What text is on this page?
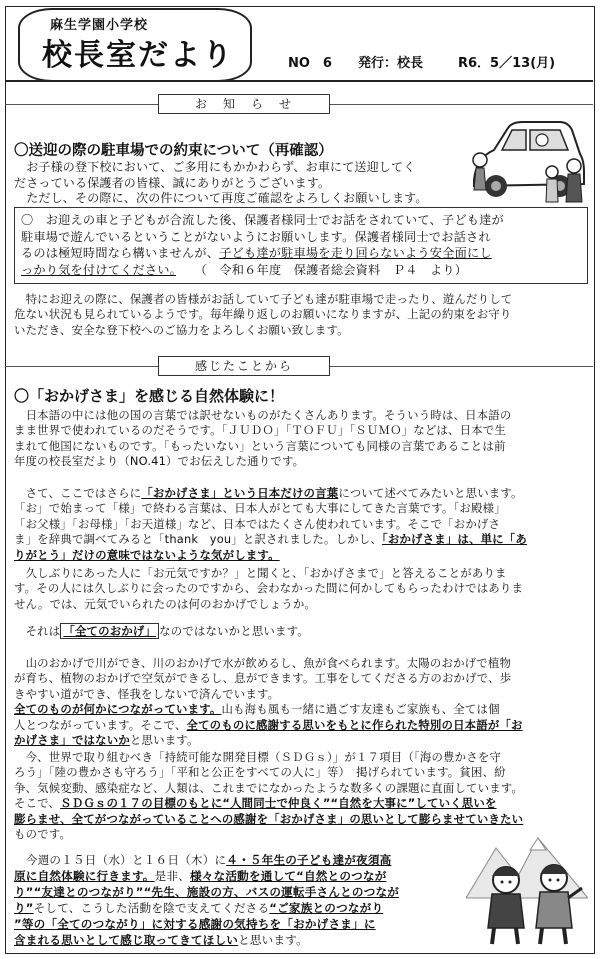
麻生学園小学校
校長室だより	NO　6 発行：校長	R6．5／13(月)
お　知　ら　せ
〇送迎の際の駐車場での約束について（再確認）

　お子様の登下校において、ご多用にもかかわらず、お車にて送迎してく

ださっている保護者の皆様、誠にありがとうございます。

　ただし、その際に、次の件について再度ご確認をよろしくお願いします。

〇　お迎えの車と子どもが合流した後、保護者様同士でお話をされていて、子ども達が

駐車場で遊んでいるということがないようにお願いします。保護者様同士でお話され

るのは極短時間なら構いませんが、子ども達が駐車場を走り回らないよう安全面にし

っかり気を付けてください。　　 （　令和６年度　保護者総会資料　Ｐ４　より）

　特にお迎えの際に、保護者の皆様がお話していて子ども達が駐車場で走ったり、遊んだりして

危ない状況も見られているようです。毎年繰り返しのお願いになりますが、上記の約束をお守り

いただき、安全な登下校へのご協力をよろしくお願い致します。

感じたことから
〇「おかげさま」を感じる自然体験に！

　日本語の中には他の国の言葉では訳せないものがたくさんあります。そういう時は、日本語の

まま世界で使われているのだそうです。「ＪＵＤＯ」「ＴＯＦＵ」「ＳＵＭＯ」などは、日本で生

まれて他国にないものです。「もったいない」という言葉についても同様の言葉であることは前

年度の校長室だより（NO.41）でお伝えした通りです。

　さて、ここではさらに「おかげさま」という日本だけの言葉について述べてみたいと思います。

「お」で始まって「様」で終わる言葉は、日本人がとても大事にしてきた言葉です。「お殿様」

「お父様」「お母様」「お天道様」など、日本ではたくさん使われています。そこで「おかげさ

ま」を辞典で調べてみると「thank　you」と訳されました。しかし、「おかげさま」は、単に「あ

りがとう」だけの意味ではないような気がします。

　久しぶりにあった人に「お元気ですか？」と聞くと、「おかげさまで」と答えることがありま

す。その人には久しぶりに会ったのですから、会わなかった間に何かしてもらったわけではありま

せん。では、元気でいられたのは何のおかげでしょうか。

　それは 「全てのおかげ」 なのではないかと思います。

　山のおかげで川ができ、川のおかげで水が飲めるし、魚が食べられます。太陽のおかげで植物

が育ち、植物のおかげで空気ができるし、息ができます。工事をしてくださる方のおかげで、歩

きやすい道ができ、怪我をしないで済んでいます。

全てのものが何かにつながっています。山も海も風も一緒に過ごす友達もご家族も、全ては個

人とつながっています。そこで、全てのものに感謝する思いをもとに作られた特別の日本語が「お

かげさま」ではないかと思います。

　今、世界で取り組むべき「持続可能な開発目標（ＳＤＧｓ）」が１７項目（「海の豊かさを守

ろう」「陸の豊かさも守ろう」「平和と公正をすべての人に」等）　掲げられています。貧困、紛

争、気候変動、感染症など、人類は、これまでになかったような数多くの課題に直面しています。

そこで、ＳＤＧｓの１７の目標のもとに“人間同士で仲良く”“自然を大事に”していく思いを

膨らませ、全てがつながっていることへの感謝を「おかげさま」の思いとして膨らませていきたい

ものです。

　今週の１５日（水）と１６日（木）に４・５年生の子ども達が夜須高

原に自然体験に行きます。是非、様々な活動を通して“自然とのつなが

り”“友達とのつながり”“先生、施設の方、バスの運転手さんとのつなが

り”そして、こうした活動を陰で支えてくださる“ご家族とのつながり

”等の「全てのつながり」に対する感謝の気持ちを「おかげさま」に

含まれる思いとして感じ取ってきてほしいと思います。
